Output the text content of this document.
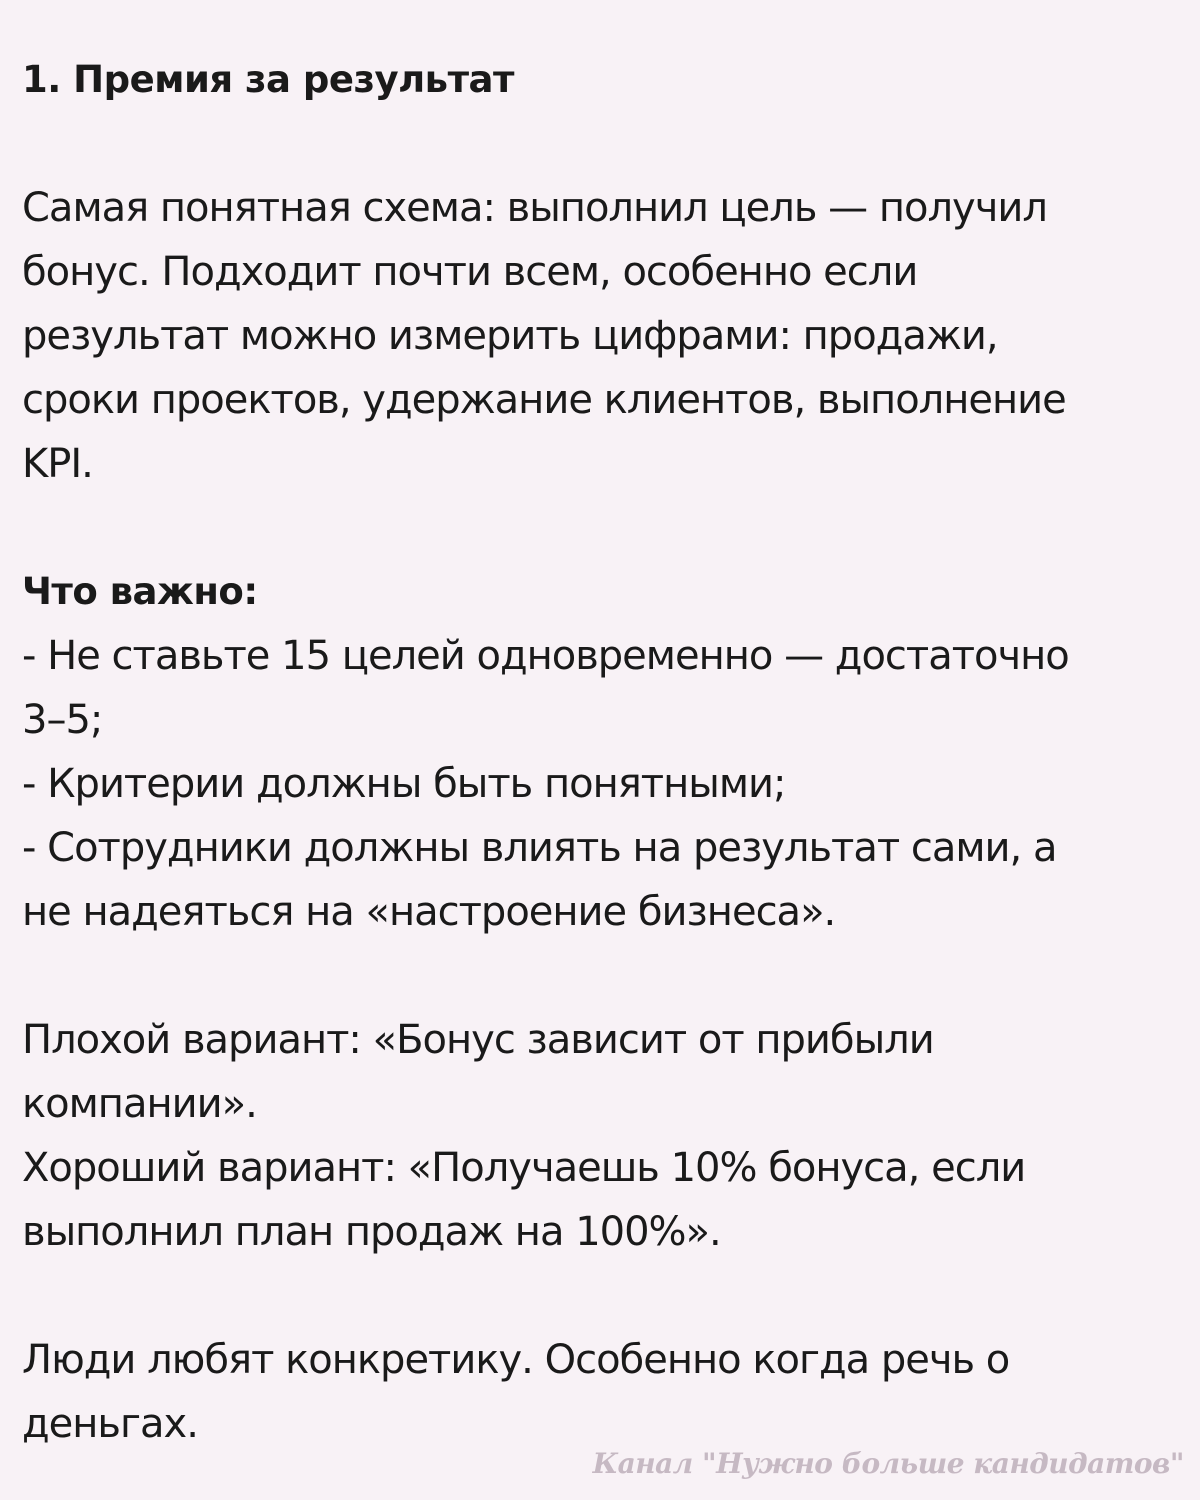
1. Премия за результат

Самая понятная схема: выполнил цель — получил
бонус. Подходит почти всем, особенно если
результат можно измерить цифрами: продажи,
сроки проектов, удержание клиентов, выполнение
KPI.

Что важно:
- Не ставьте 15 целей одновременно — достаточно
3–5;
- Критерии должны быть понятными;
- Сотрудники должны влиять на результат сами, а
не надеяться на «настроение бизнеса».

Плохой вариант: «Бонус зависит от прибыли
компании».

Хороший вариант: «Получаешь 10% бонуса, если
выполнил план продаж на 100%».

Люди любят конкретику. Особенно когда речь о
деньгах.

Канал "Нужно больше кандидатов"
